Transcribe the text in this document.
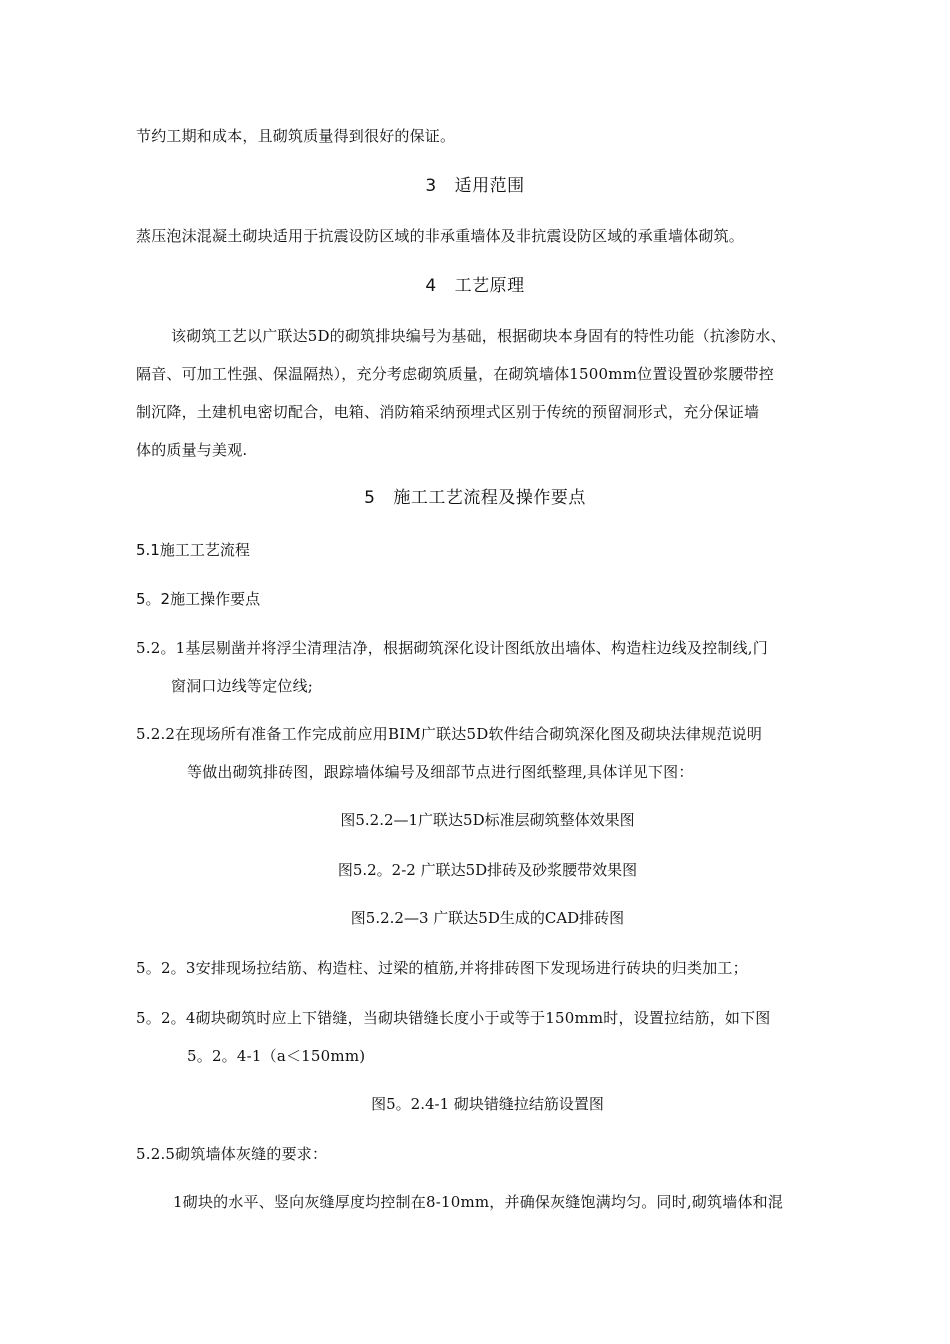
节约工期和成本，且砌筑质量得到很好的保证。
3 适用范围
蒸压泡沫混凝土砌块适用于抗震设防区域的非承重墙体及非抗震设防区域的承重墙体砌筑。
4 工艺原理
该砌筑工艺以广联达5D的砌筑排块编号为基础，根据砌块本身固有的特性功能（抗渗防水、
隔音、可加工性强、保温隔热），充分考虑砌筑质量，在砌筑墙体1500mm位置设置砂浆腰带控
制沉降，土建机电密切配合，电箱、消防箱采纳预埋式区别于传统的预留洞形式，充分保证墙
体的质量与美观.
5 施工工艺流程及操作要点
5.1施工工艺流程
5。2施工操作要点
5.2。1基层剔凿并将浮尘清理洁净，根据砌筑深化设计图纸放出墙体、构造柱边线及控制线,门
窗洞口边线等定位线;
5.2.2在现场所有准备工作完成前应用BIM广联达5D软件结合砌筑深化图及砌块法律规范说明
等做出砌筑排砖图，跟踪墙体编号及细部节点进行图纸整理,具体详见下图：
图5.2.2—1广联达5D标准层砌筑整体效果图
图5.2。2-2 广联达5D排砖及砂浆腰带效果图
图5.2.2—3 广联达5D生成的CAD排砖图
5。2。3安排现场拉结筋、构造柱、过梁的植筋,并将排砖图下发现场进行砖块的归类加工；
5。2。4砌块砌筑时应上下错缝，当砌块错缝长度小于或等于150mm时，设置拉结筋，如下图
5。2。4-1（a＜150mm)
图5。2.4-1 砌块错缝拉结筋设置图
5.2.5砌筑墙体灰缝的要求：
1砌块的水平、竖向灰缝厚度均控制在8-10mm，并确保灰缝饱满均匀。同时,砌筑墙体和混
